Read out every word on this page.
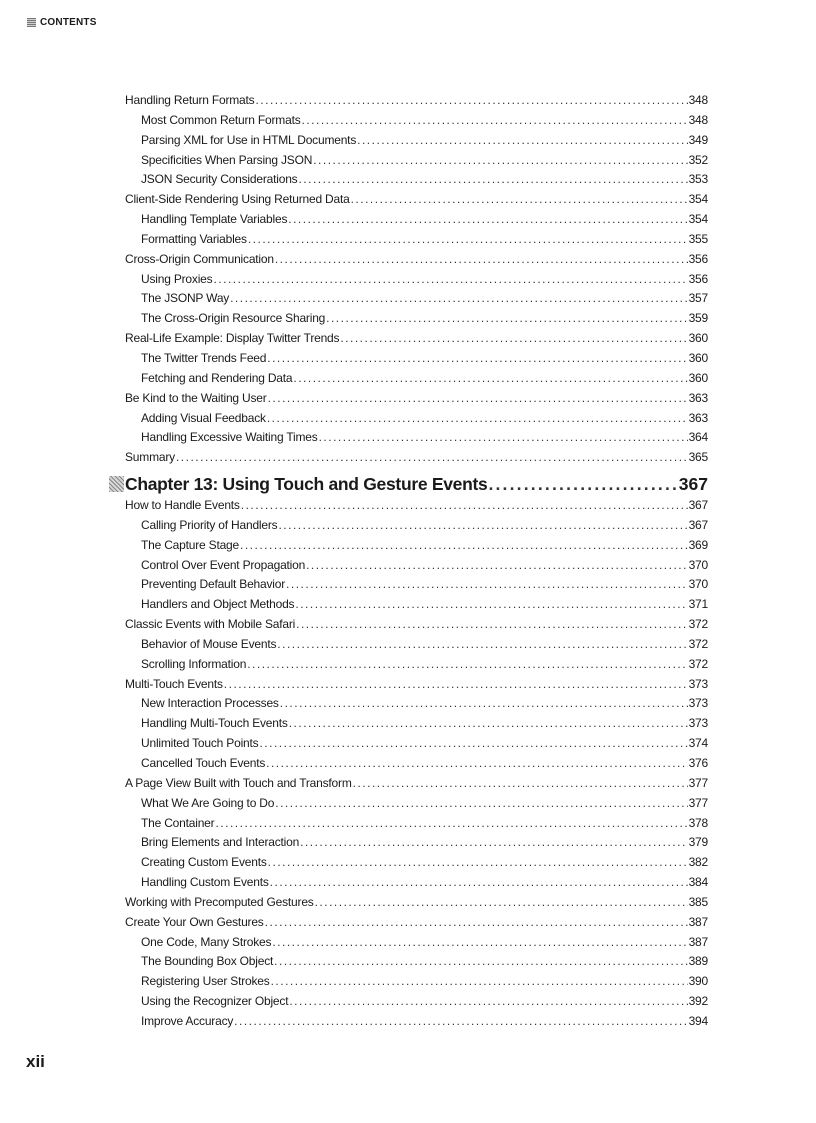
CONTENTS
Handling Return Formats .....	348
Most Common Return Formats .....	348
Parsing XML for Use in HTML Documents .....	349
Specificities When Parsing JSON .....	352
JSON Security Considerations .....	353
Client-Side Rendering Using Returned Data .....	354
Handling Template Variables .....	354
Formatting Variables .....	355
Cross-Origin Communication .....	356
Using Proxies .....	356
The JSONP Way .....	357
The Cross-Origin Resource Sharing .....	359
Real-Life Example: Display Twitter Trends .....	360
The Twitter Trends Feed .....	360
Fetching and Rendering Data .....	360
Be Kind to the Waiting User .....	363
Adding Visual Feedback .....	363
Handling Excessive Waiting Times .....	364
Summary .....	365
Chapter 13: Using Touch and Gesture Events .....	367
How to Handle Events .....	367
Calling Priority of Handlers .....	367
The Capture Stage .....	369
Control Over Event Propagation .....	370
Preventing Default Behavior .....	370
Handlers and Object Methods .....	371
Classic Events with Mobile Safari .....	372
Behavior of Mouse Events .....	372
Scrolling Information .....	372
Multi-Touch Events .....	373
New Interaction Processes .....	373
Handling Multi-Touch Events .....	373
Unlimited Touch Points .....	374
Cancelled Touch Events .....	376
A Page View Built with Touch and Transform .....	377
What We Are Going to Do .....	377
The Container .....	378
Bring Elements and Interaction .....	379
Creating Custom Events .....	382
Handling Custom Events .....	384
Working with Precomputed Gestures .....	385
Create Your Own Gestures .....	387
One Code, Many Strokes .....	387
The Bounding Box Object .....	389
Registering User Strokes .....	390
Using the Recognizer Object .....	392
Improve Accuracy .....	394
xii
